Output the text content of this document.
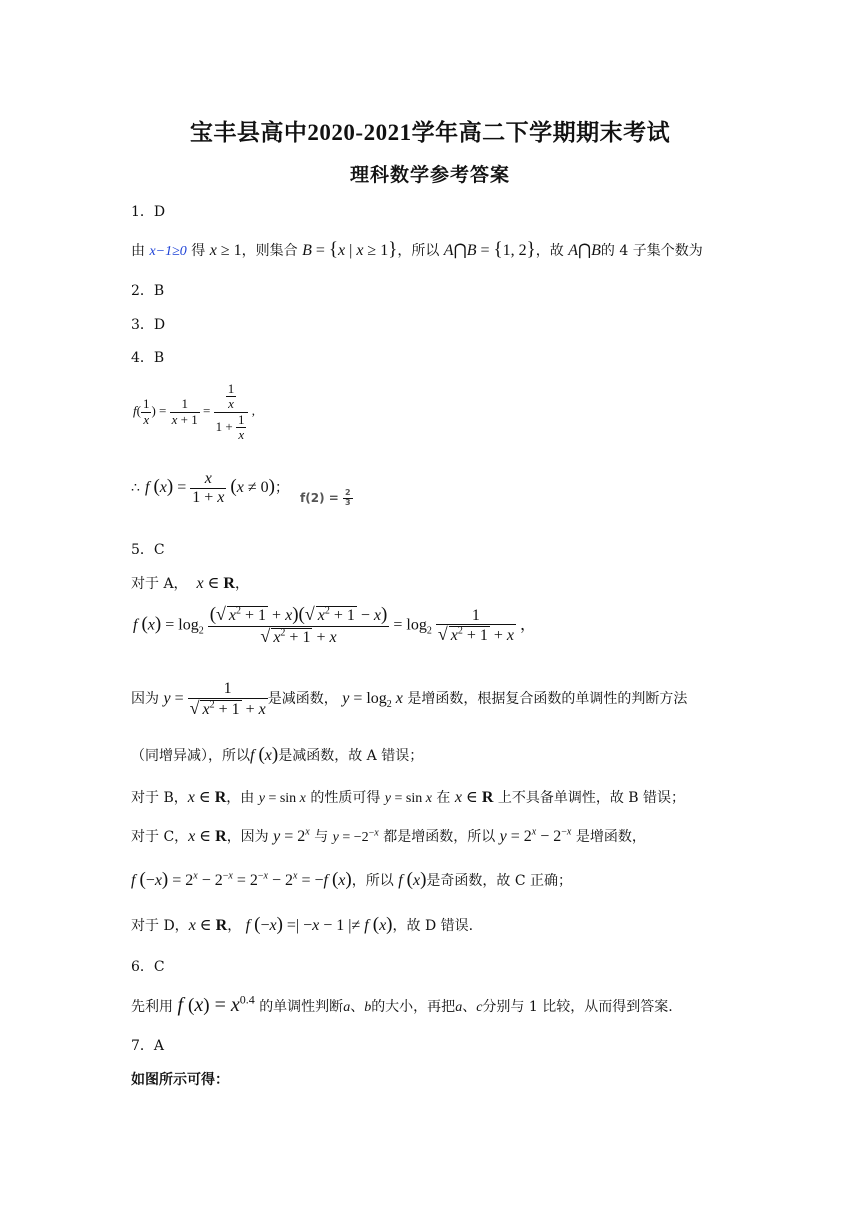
宝丰县高中2020-2021学年高二下学期期末考试
理科数学参考答案
1．D
由 x−1≥0 得 x ≥ 1，则集合 B = {x | x ≥ 1}，所以 A⋂B = {1, 2}，故 A⋂B的 4 子集个数为
2．B
3．D
4．B
$f( \frac{1}{x}$ ) = $\frac{1}{x + 1} = \frac{\frac{1}{x}}{1 + \frac{1}{x}}$ ,
∴ f $(x) = \frac{x}{1 + x} (x \ne 0)$； $_{f(2) = \frac{2}{3}}$
5．C
对于 A， x ∈ R，
f $(x) = \log_2 \frac{(√ x^2 + 1 + x)(√ x^2 + 1 - x)}{√ x^2 + 1 + x} = \log_2 \frac{1}{√ x^2 + 1 + x}$ ，
因为 $y = \frac{1}{√ x^2 + 1 + x}$ 是减函数， $y = \log_2 x$ 是增函数，根据复合函数的单调性的判断方法
（同增异减），所以f (x)是减函数，故 A 错误；
对于 B，x ∈ R，由 y = sin x 的性质可得 y = sin x 在 x ∈ R 上不具备单调性，故 B 错误；
对于 C，x ∈ R，因为 $y = 2^x$ 与 $y = -2^{-x}$ 都是增函数，所以 $y = 2^x - 2^{-x}$ 是增函数，
f $(-x) = 2^x - 2^{-x} = 2^{-x} - 2^x = -f$ (x)，所以 f (x)是奇函数，故 C 正确；
对于 D，x ∈ R， f (−x) =| −x − 1 |≠ f (x)，故 D 错误.
6．C
先利用 f $(x) = x^{0.4}$ 的单调性判断a、b的大小，再把a、c分别与 1 比较，从而得到答案.
7．A
如图所示可得：
